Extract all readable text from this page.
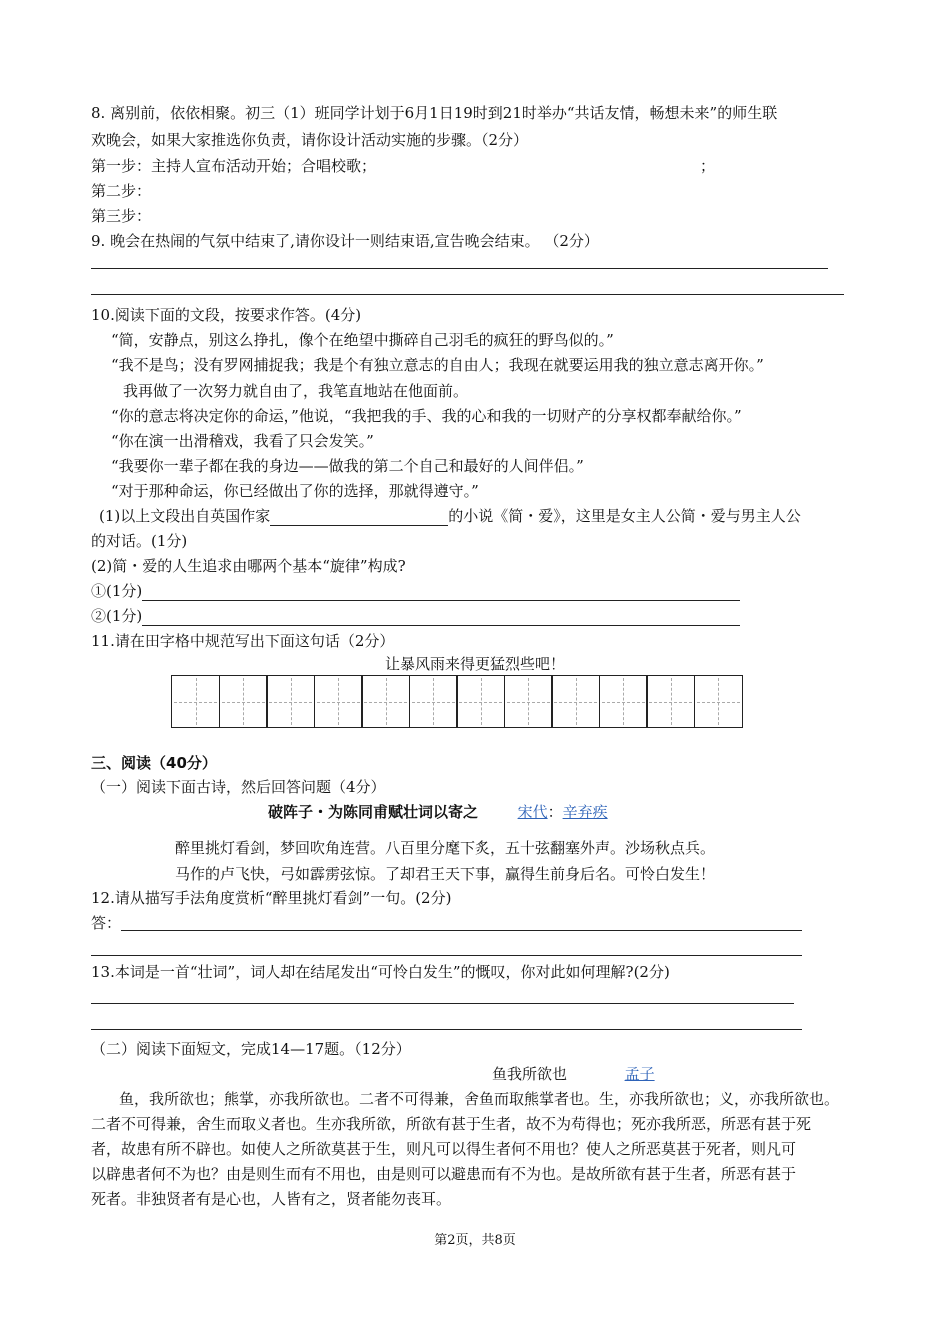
8. 离别前，依依相聚。初三（1）班同学计划于6月1日19时到21时举办“共话友情，畅想未来”的师生联
欢晚会，如果大家推选你负责，请你设计活动实施的步骤。（2分）
第一步：主持人宣布活动开始；合唱校歌；	；
第二步：
第三步：
9. 晚会在热闹的气氛中结束了,请你设计一则结束语,宣告晚会结束。 （2分）
10.阅读下面的文段，按要求作答。(4分)
“简，安静点，别这么挣扎，像个在绝望中撕碎自己羽毛的疯狂的野鸟似的。”
“我不是鸟；没有罗网捕捉我；我是个有独立意志的自由人；我现在就要运用我的独立意志离开你。”
我再做了一次努力就自由了，我笔直地站在他面前。
“你的意志将决定你的命运，”他说，“我把我的手、我的心和我的一切财产的分享权都奉献给你。”
“你在演一出滑稽戏，我看了只会发笑。”
“我要你一辈子都在我的身边——做我的第二个自己和最好的人间伴侣。”
“对于那种命运，你已经做出了你的选择，那就得遵守。”
(1)以上文段出自英国作家	的小说《简・爱》，这里是女主人公简・爱与男主人公
的对话。(1分)
(2)简・爱的人生追求由哪两个基本“旋律”构成?
①(1分)
②(1分)
11.请在田字格中规范写出下面这句话（2分）
让暴风雨来得更猛烈些吧！
三、阅读（40分）
（一）阅读下面古诗，然后回答问题（4分）
破阵子・为陈同甫赋壮词以寄之	宋代：辛弃疾
醉里挑灯看剑，梦回吹角连营。八百里分麾下炙，五十弦翻塞外声。沙场秋点兵。
马作的卢飞快，弓如霹雳弦惊。了却君王天下事，赢得生前身后名。可怜白发生！
12.请从描写手法角度赏析“醉里挑灯看剑”一句。(2分)
答：
13.本词是一首“壮词”，词人却在结尾发出“可怜白发生”的慨叹，你对此如何理解?(2分)
（二）阅读下面短文，完成14—17题。（12分）
鱼我所欲也	孟子
鱼，我所欲也；熊掌，亦我所欲也。二者不可得兼，舍鱼而取熊掌者也。生，亦我所欲也；义，亦我所欲也。
二者不可得兼，舍生而取义者也。生亦我所欲，所欲有甚于生者，故不为苟得也；死亦我所恶，所恶有甚于死
者，故患有所不辟也。如使人之所欲莫甚于生，则凡可以得生者何不用也？使人之所恶莫甚于死者，则凡可
以辟患者何不为也？由是则生而有不用也，由是则可以避患而有不为也。是故所欲有甚于生者，所恶有甚于
死者。非独贤者有是心也，人皆有之，贤者能勿丧耳。
第2页，共8页
